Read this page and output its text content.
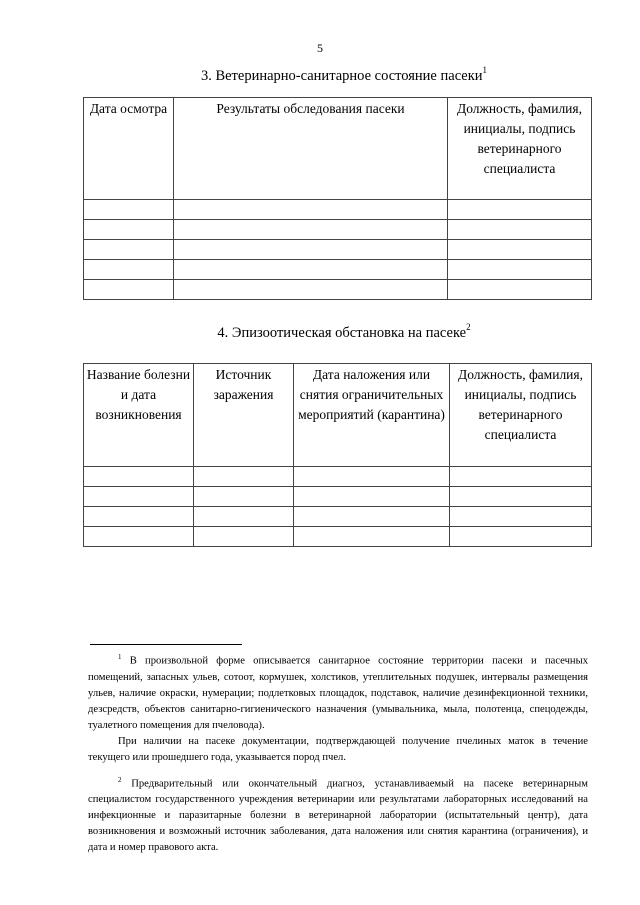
5
3. Ветеринарно-санитарное состояние пасеки$^1$
Дата осмотра	Результаты обследования пасеки	Должность, фамилия, инициалы, подпись ветеринарного специалиста

4. Эпизоотическая обстановка на пасеке$^2$
Название болезни и дата возникновения	Источник заражения	Дата наложения или снятия ограничительных мероприятий (карантина)	Должность, фамилия, инициалы, подпись ветеринарного специалиста

$^1$ В произвольной форме описывается санитарное состояние территории пасеки и пасечных помещений, запасных ульев, сотоот, кормушек, холстиков, утеплительных подушек, интервалы размещения ульев, наличие окраски, нумерации; подлетковых площадок, подставок, наличие дезинфекционной техники, дезсредств, объектов санитарно-гигиенического назначения (умывальника, мыла, полотенца, спецодежды, туалетного помещения для пчеловода).

При наличии на пасеке документации, подтверждающей получение пчелиных маток в течение текущего или прошедшего года, указывается пород пчел.

$^2$ Предварительный или окончательный диагноз, устанавливаемый на пасеке ветеринарным специалистом государственного учреждения ветеринарии или результатами лабораторных исследований на инфекционные и паразитарные болезни в ветеринарной лаборатории (испытательный центр), дата возникновения и возможный источник заболевания, дата наложения или снятия карантина (ограничения), и дата и номер правового акта.
